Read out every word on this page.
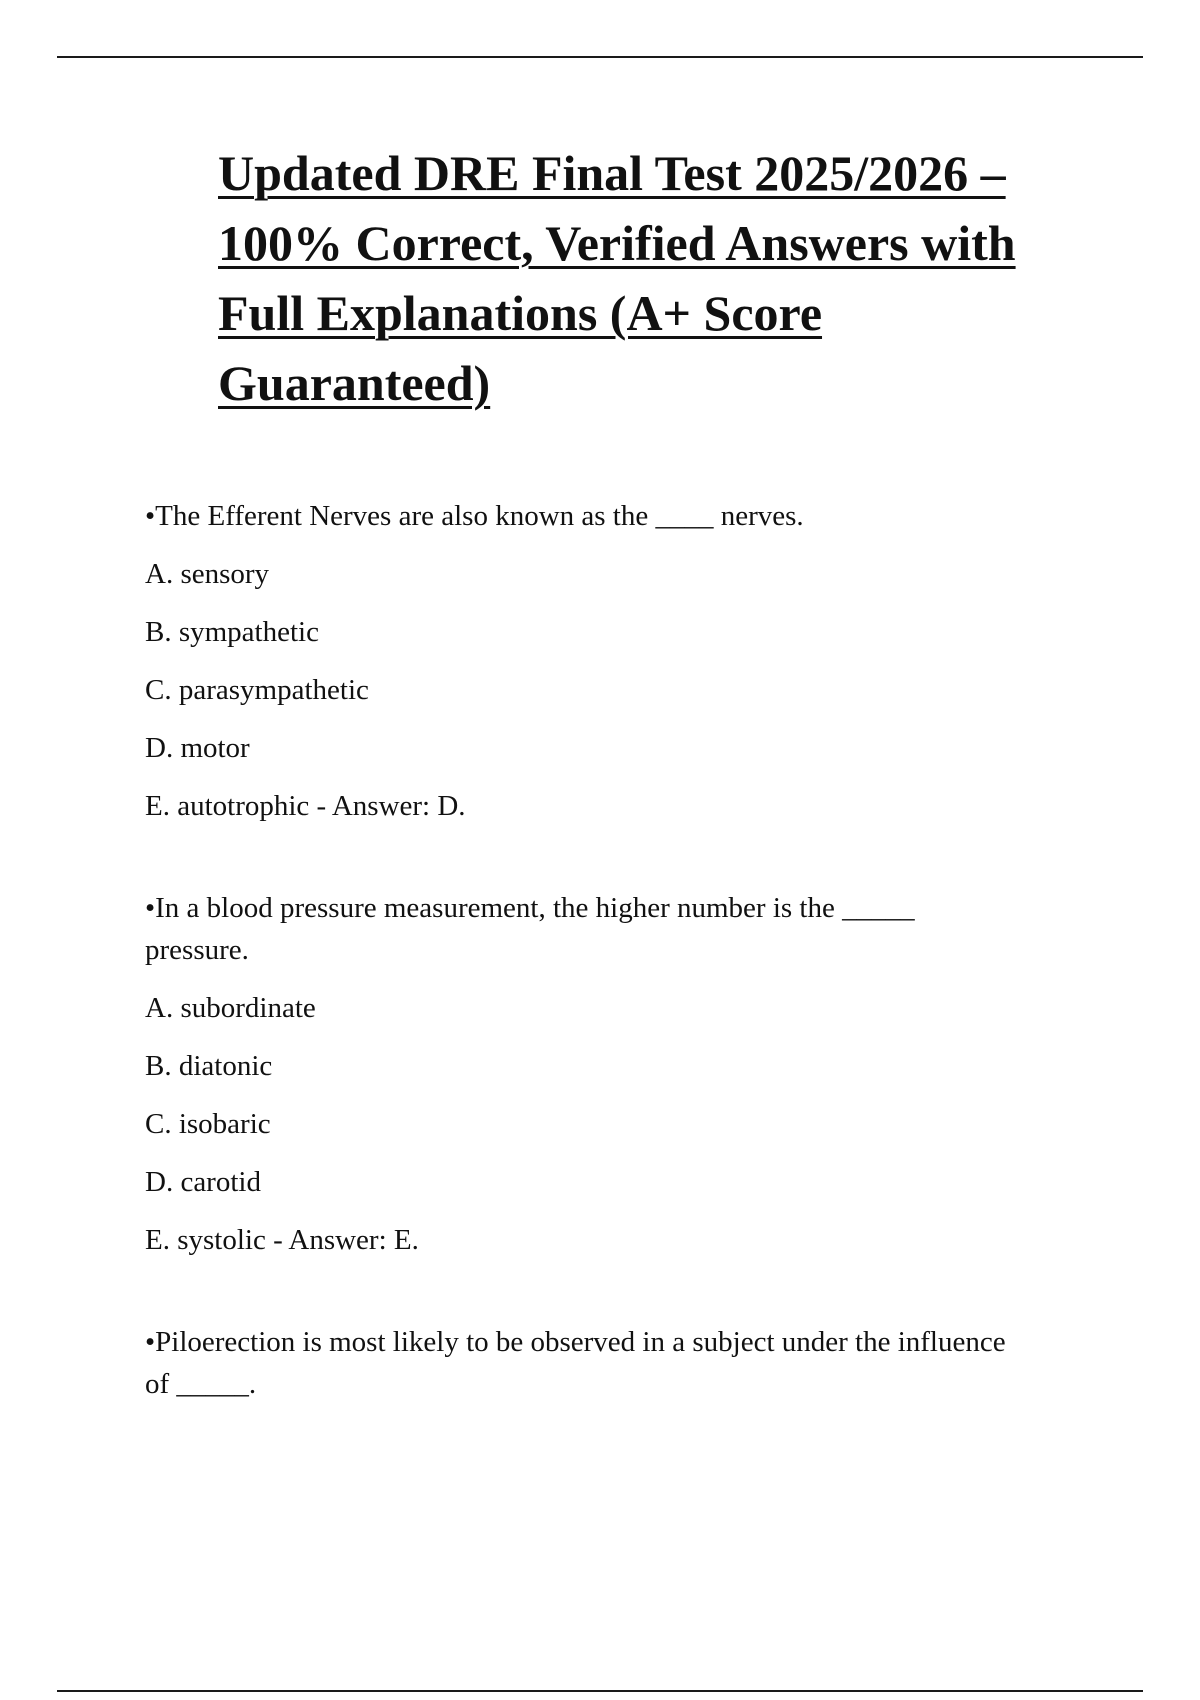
Updated DRE Final Test 2025/2026 – 100% Correct, Verified Answers with Full Explanations (A+ Score Guaranteed)

•The Efferent Nerves are also known as the ____ nerves.

A. sensory
B. sympathetic
C. parasympathetic
D. motor
E. autotrophic - Answer: D.

•In a blood pressure measurement, the higher number is the _____ pressure.

A. subordinate
B. diatonic
C. isobaric
D. carotid
E. systolic - Answer: E.

•Piloerection is most likely to be observed in a subject under the influence of _____.
